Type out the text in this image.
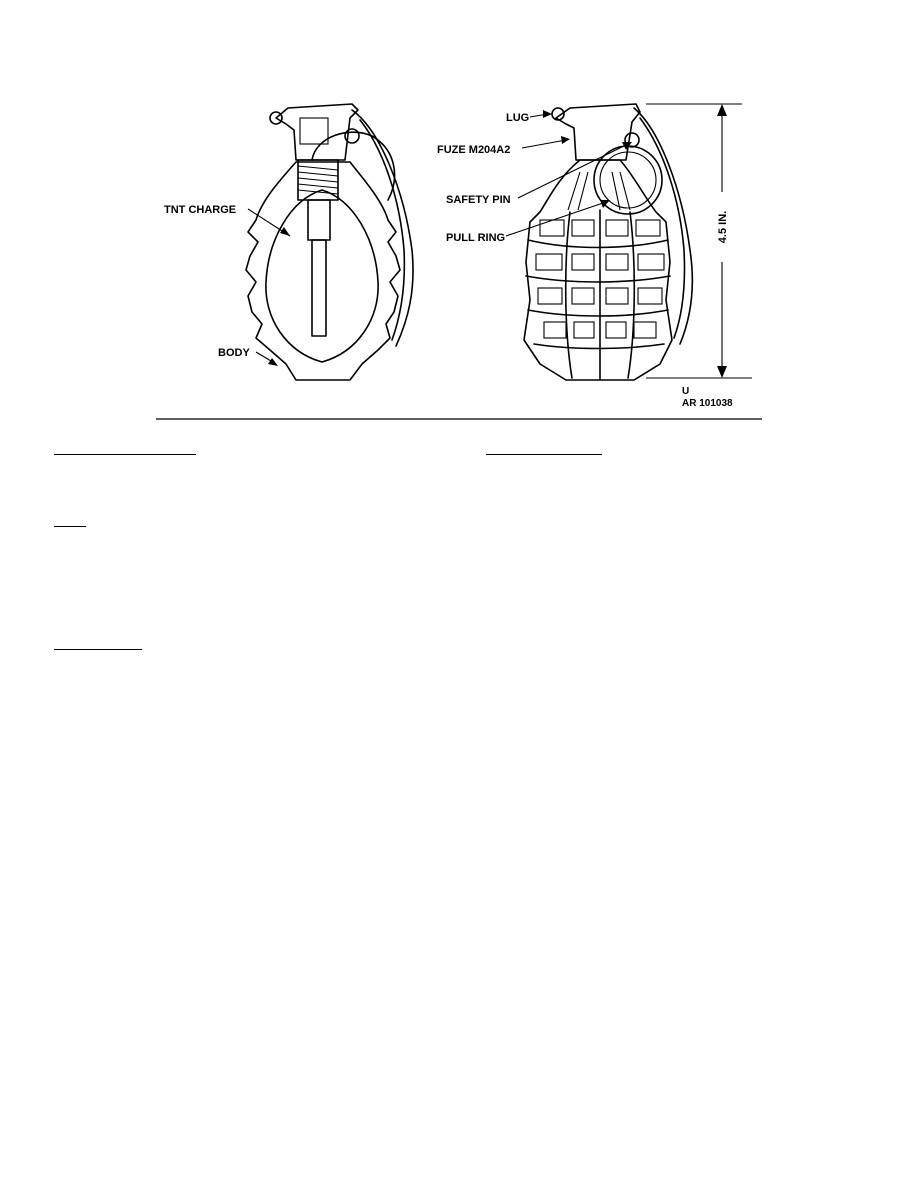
TNT CHARGE
BODY
LUG
FUZE M204A2
SAFETY PIN
PULL RING	4.5 IN.
U
AR 101038
